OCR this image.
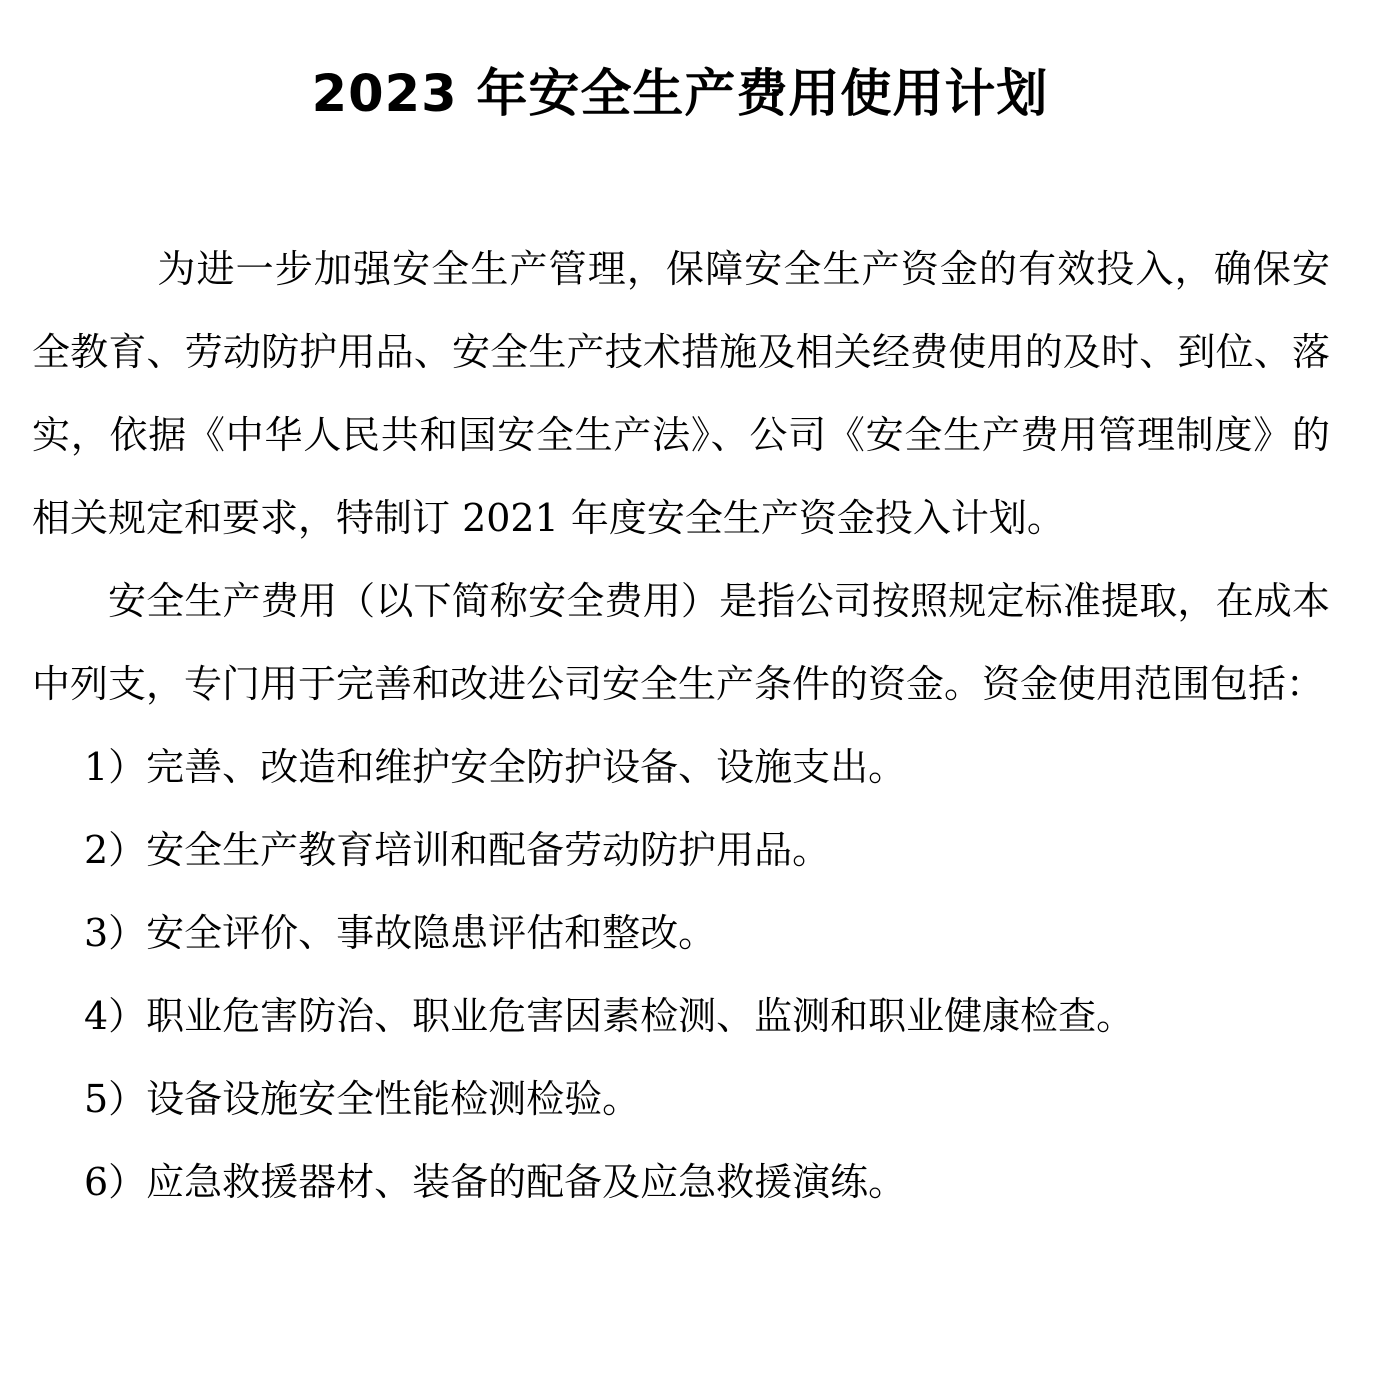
2023 年安全生产费用使用计划

为进一步加强安全生产管理，保障安全生产资金的有效投入，确保安全教育、劳动防护用品、安全生产技术措施及相关经费使用的及时、到位、落实，依据《中华人民共和国安全生产法》、公司《安全生产费用管理制度》的相关规定和要求，特制订 2021 年度安全生产资金投入计划。

安全生产费用（以下简称安全费用）是指公司按照规定标准提取，在成本中列支，专门用于完善和改进公司安全生产条件的资金。资金使用范围包括：

1）完善、改造和维护安全防护设备、设施支出。
2）安全生产教育培训和配备劳动防护用品。
3）安全评价、事故隐患评估和整改。
4）职业危害防治、职业危害因素检测、监测和职业健康检查。
5）设备设施安全性能检测检验。
6）应急救援器材、装备的配备及应急救援演练。
